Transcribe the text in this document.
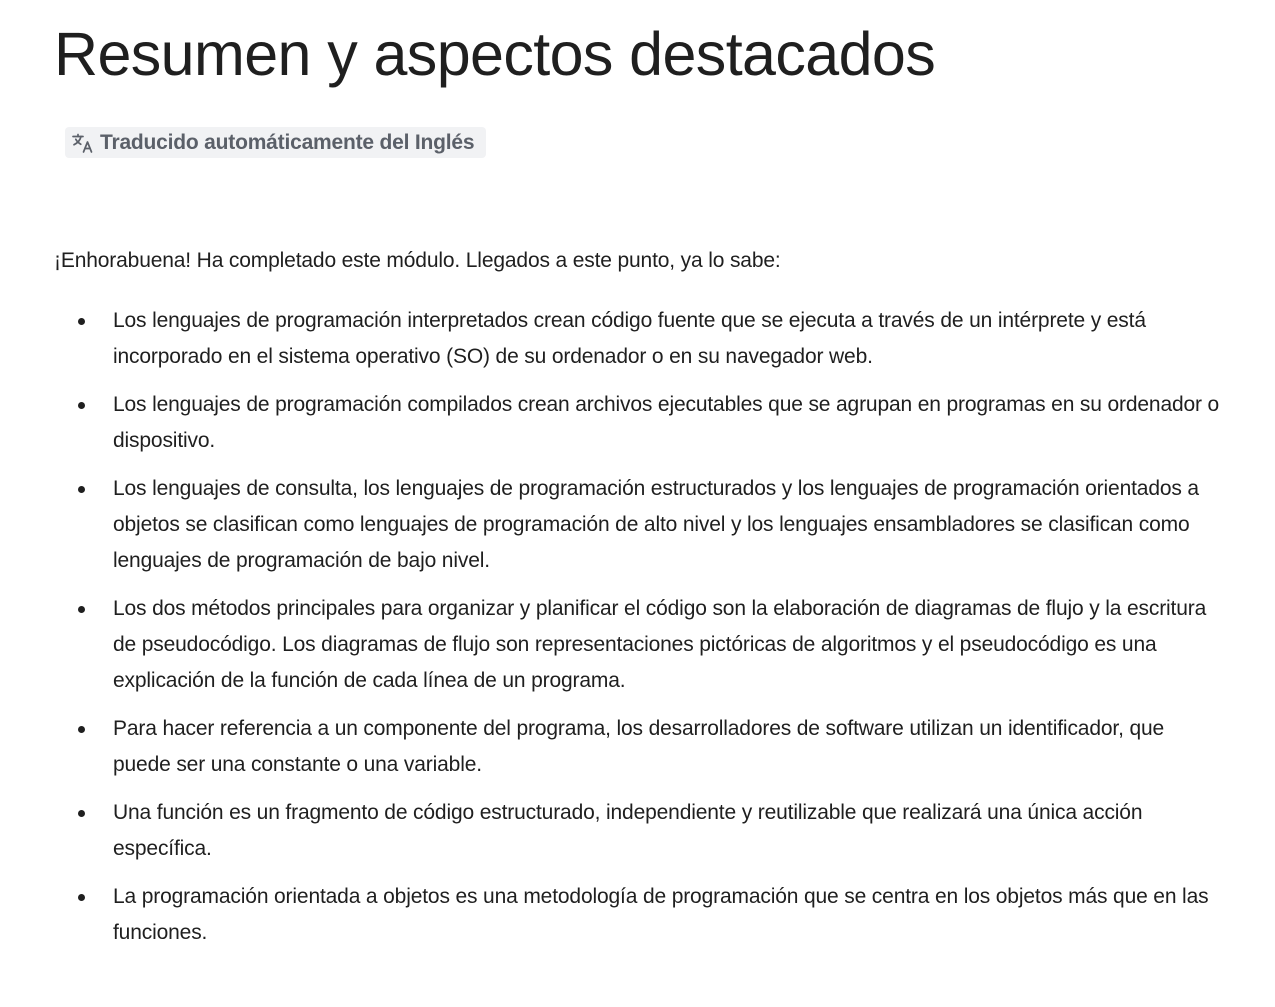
Resumen y aspectos destacados
Traducido automáticamente del Inglés

¡Enhorabuena! Ha completado este módulo. Llegados a este punto, ya lo sabe:

Los lenguajes de programación interpretados crean código fuente que se ejecuta a través de un intérprete y está incorporado en el sistema operativo (SO) de su ordenador o en su navegador web.
Los lenguajes de programación compilados crean archivos ejecutables que se agrupan en programas en su ordenador o dispositivo.
Los lenguajes de consulta, los lenguajes de programación estructurados y los lenguajes de programación orientados a objetos se clasifican como lenguajes de programación de alto nivel y los lenguajes ensambladores se clasifican como lenguajes de programación de bajo nivel.
Los dos métodos principales para organizar y planificar el código son la elaboración de diagramas de flujo y la escritura de pseudocódigo. Los diagramas de flujo son representaciones pictóricas de algoritmos y el pseudocódigo es una explicación de la función de cada línea de un programa.
Para hacer referencia a un componente del programa, los desarrolladores de software utilizan un identificador, que puede ser una constante o una variable.
Una función es un fragmento de código estructurado, independiente y reutilizable que realizará una única acción específica.
La programación orientada a objetos es una metodología de programación que se centra en los objetos más que en las funciones.
